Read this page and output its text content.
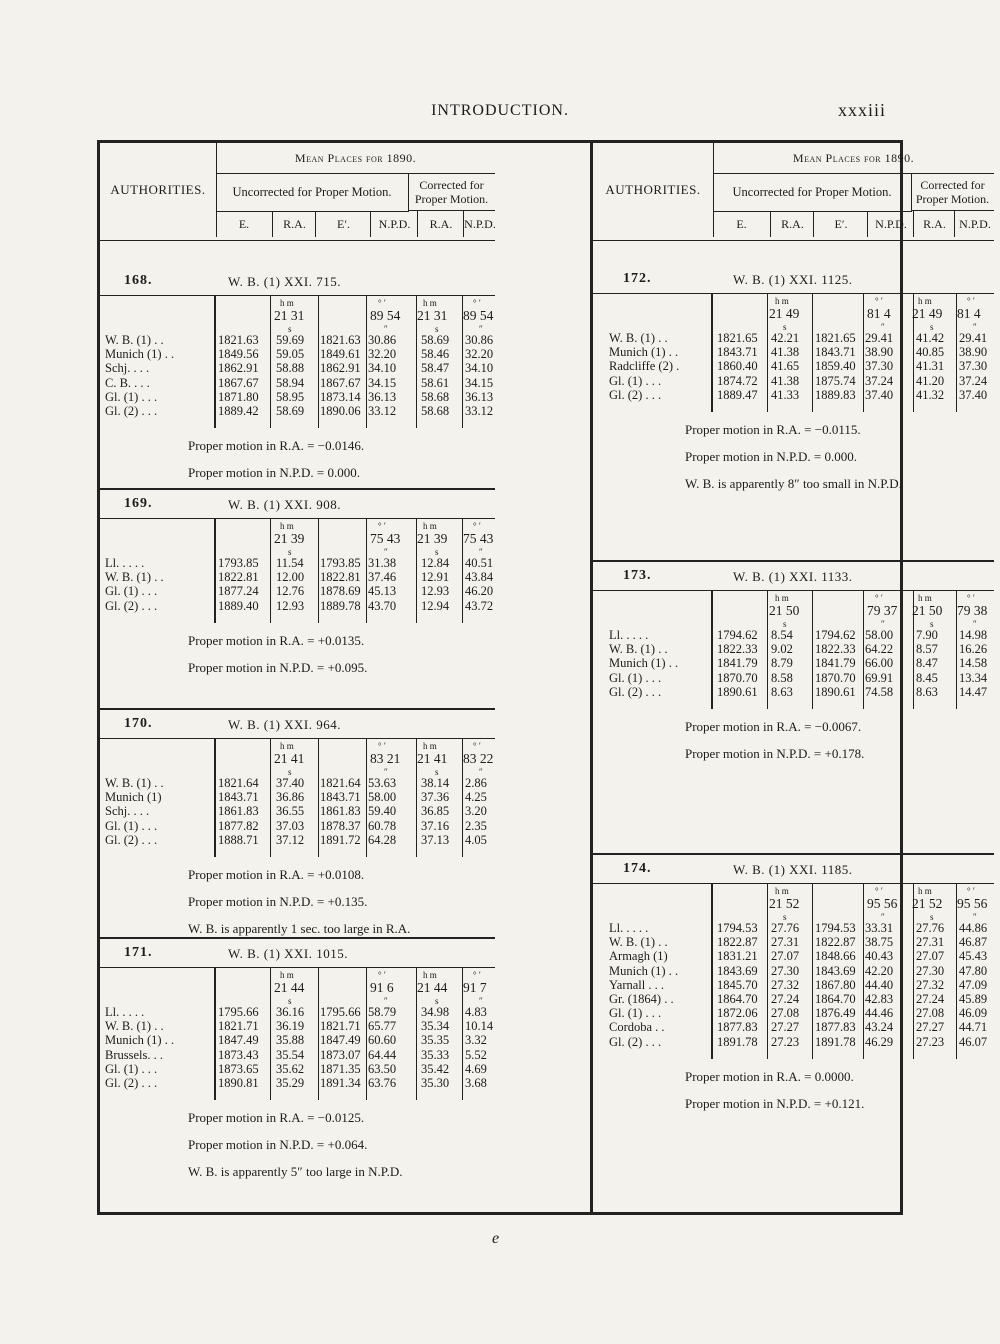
INTRODUCTION.	xxxiii
AUTHORITIES.
Mean Places for 1890.
Uncorrected for Proper Motion.	Corrected for Proper Motion.
E.	R.A.	E′.	N.P.D.	R.A. N.P.D.
168.	W. B. (1) XXI. 715.
h m	° ′	h m	° ′
21 31	89 54 21 31 89 54
s	″	s	″
W. B. (1) . .	1821.63 59.69 1821.63 30.86 58.69 30.86
Munich (1) . .	1849.56 59.05 1849.61 32.20 58.46 32.20
Schj. . . .	1862.91 58.88 1862.91 34.10 58.47 34.10
C. B. . . .	1867.67 58.94 1867.67 34.15 58.61 34.15
Gl. (1) . . .	1871.80 58.95 1873.14 36.13 58.68 36.13
Gl. (2) . . .	1889.42 58.69 1890.06 33.12 58.68 33.12
Proper motion in R.A. = −0.0146.
Proper motion in N.P.D. = 0.000.
169.	W. B. (1) XXI. 908.
h m	° ′	h m	° ′
21 39	75 43 21 39 75 43
s	″	s	″
Ll. . . . .	1793.85 11.54 1793.85 31.38 12.84 40.51
W. B. (1) . .	1822.81 12.00 1822.81 37.46 12.91 43.84
Gl. (1) . . .	1877.24 12.76 1878.69 45.13 12.93 46.20
Gl. (2) . . .	1889.40 12.93 1889.78 43.70 12.94 43.72
Proper motion in R.A. = +0.0135.
Proper motion in N.P.D. = +0.095.
170.	W. B. (1) XXI. 964.
h m	° ′	h m	° ′
21 41	83 21 21 41 83 22
s	″	s	″
W. B. (1) . .	1821.64 37.40 1821.64 53.63 38.14 2.86
Munich (1)	1843.71 36.86 1843.71 58.00 37.36 4.25
Schj. . . .	1861.83 36.55 1861.83 59.40 36.85 3.20
Gl. (1) . . .	1877.82 37.03 1878.37 60.78 37.16 2.35
Gl. (2) . . .	1888.71 37.12 1891.72 64.28 37.13 4.05
Proper motion in R.A. = +0.0108.
Proper motion in N.P.D. = +0.135.
W. B. is apparently 1 sec. too large in R.A.
171.	W. B. (1) XXI. 1015.
h m	° ′	h m	° ′
21 44	91 6 21 44 91 7
s	″	s	″
Ll. . . . .	1795.66 36.16 1795.66 58.79 34.98 4.83
W. B. (1) . .	1821.71 36.19 1821.71 65.77 35.34 10.14
Munich (1) . .	1847.49 35.88 1847.49 60.60 35.35 3.32
Brussels. . .	1873.43 35.54 1873.07 64.44 35.33 5.52
Gl. (1) . . .	1873.65 35.62 1871.35 63.50 35.42 4.69
Gl. (2) . . .	1890.81 35.29 1891.34 63.76 35.30 3.68
Proper motion in R.A. = −0.0125.
Proper motion in N.P.D. = +0.064.
W. B. is apparently 5″ too large in N.P.D.
AUTHORITIES.
Mean Places for 1890.
Uncorrected for Proper Motion.	Corrected for Proper Motion.
E.	R.A.	E′.	N.P.D.	R.A.	N.P.D.
172.	W. B. (1) XXI. 1125.
h m	° ′	h m	° ′
21 49	81 4 21 49 81 4
s	″	s	″
W. B. (1) . .	1821.65 42.21 1821.65 29.41 41.42 29.41
Munich (1) . .	1843.71 41.38 1843.71 38.90 40.85 38.90
Radcliffe (2) .	1860.40 41.65 1859.40 37.30 41.31 37.30
Gl. (1) . . .	1874.72 41.38 1875.74 37.24 41.20 37.24
Gl. (2) . . .	1889.47 41.33 1889.83 37.40 41.32 37.40
Proper motion in R.A. = −0.0115.
Proper motion in N.P.D. = 0.000.
W. B. is apparently 8″ too small in N.P.D.
173.	W. B. (1) XXI. 1133.
h m	° ′	h m	° ′
21 50	79 37 21 50 79 38
s	″	s	″
Ll. . . . .	1794.62 8.54 1794.62 58.00 7.90 14.98
W. B. (1) . .	1822.33 9.02 1822.33 64.22 8.57 16.26
Munich (1) . .	1841.79 8.79 1841.79 66.00 8.47 14.58
Gl. (1) . . .	1870.70 8.58 1870.70 69.91 8.45 13.34
Gl. (2) . . .	1890.61 8.63 1890.61 74.58 8.63 14.47
Proper motion in R.A. = −0.0067.
Proper motion in N.P.D. = +0.178.
174.	W. B. (1) XXI. 1185.
h m	° ′	h m	° ′
21 52	95 56 21 52 95 56
s	″	s	″
Ll. . . . .	1794.53 27.76 1794.53 33.31 27.76 44.86
W. B. (1) . .	1822.87 27.31 1822.87 38.75 27.31 46.87
Armagh (1)	1831.21 27.07 1848.66 40.43 27.07 45.43
Munich (1) . .	1843.69 27.30 1843.69 42.20 27.30 47.80
Yarnall . . .	1845.70 27.32 1867.80 44.40 27.32 47.09
Gr. (1864) . .	1864.70 27.24 1864.70 42.83 27.24 45.89
Gl. (1) . . .	1872.06 27.08 1876.49 44.46 27.08 46.09
Cordoba . .	1877.83 27.27 1877.83 43.24 27.27 44.71
Gl. (2) . . .	1891.78 27.23 1891.78 46.29 27.23 46.07
Proper motion in R.A. = 0.0000.
Proper motion in N.P.D. = +0.121.
e
